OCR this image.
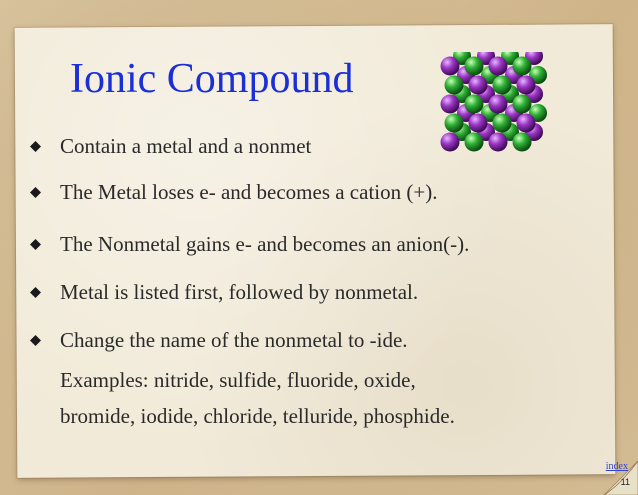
Ionic Compound
Contain a metal and a nonmet
The Metal loses e- and becomes a cation (+).
The Nonmetal gains e- and becomes an anion(-).
Metal is listed first, followed by nonmetal.
Change the name of the nonmetal to -ide.
Examples: nitride, sulfide, fluoride, oxide,
bromide, iodide, chloride, telluride, phosphide.
index
11
